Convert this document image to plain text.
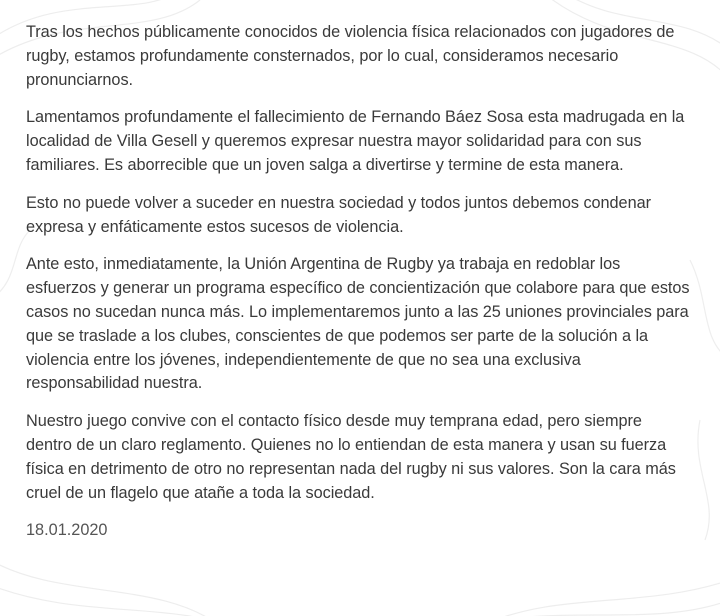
Tras los hechos públicamente conocidos de violencia física relacionados con jugadores de rugby, estamos profundamente consternados, por lo cual, consideramos necesario pronunciarnos.

Lamentamos profundamente el fallecimiento de Fernando Báez Sosa esta madrugada en la localidad de Villa Gesell y queremos expresar nuestra mayor solidaridad para con sus familiares. Es aborrecible que un joven salga a divertirse y termine de esta manera.

Esto no puede volver a suceder en nuestra sociedad y todos juntos debemos condenar expresa y enfáticamente estos sucesos de violencia.

Ante esto, inmediatamente, la Unión Argentina de Rugby ya trabaja en redoblar los esfuerzos y generar un programa específico de concientización que colabore para que estos casos no sucedan nunca más. Lo implementaremos junto a las 25 uniones provinciales para que se traslade a los clubes, conscientes de que podemos ser parte de la solución a la violencia entre los jóvenes, independientemente de que no sea una exclusiva responsabilidad nuestra.

Nuestro juego convive con el contacto físico desde muy temprana edad, pero siempre dentro de un claro reglamento. Quienes no lo entiendan de esta manera y usan su fuerza física en detrimento de otro no representan nada del rugby ni sus valores. Son la cara más cruel de un flagelo que atañe a toda la sociedad.

18.01.2020
